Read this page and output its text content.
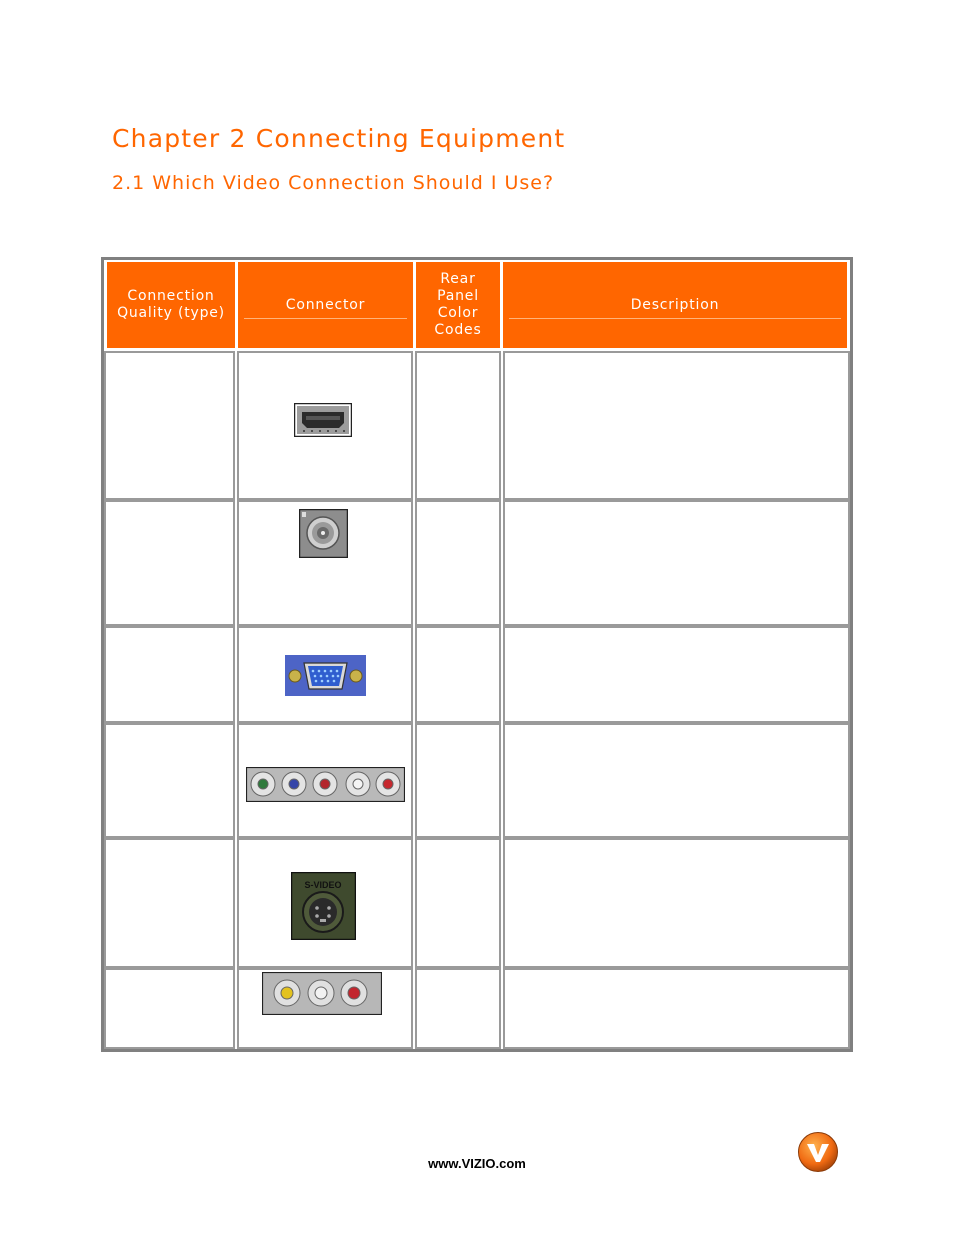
Chapter 2 Connecting Equipment
2.1 Which Video Connection Should I Use?
Connection Quality (type)
Connector
Rear Panel Color Codes
Description
S-VIDEO
www.VIZIO.com
